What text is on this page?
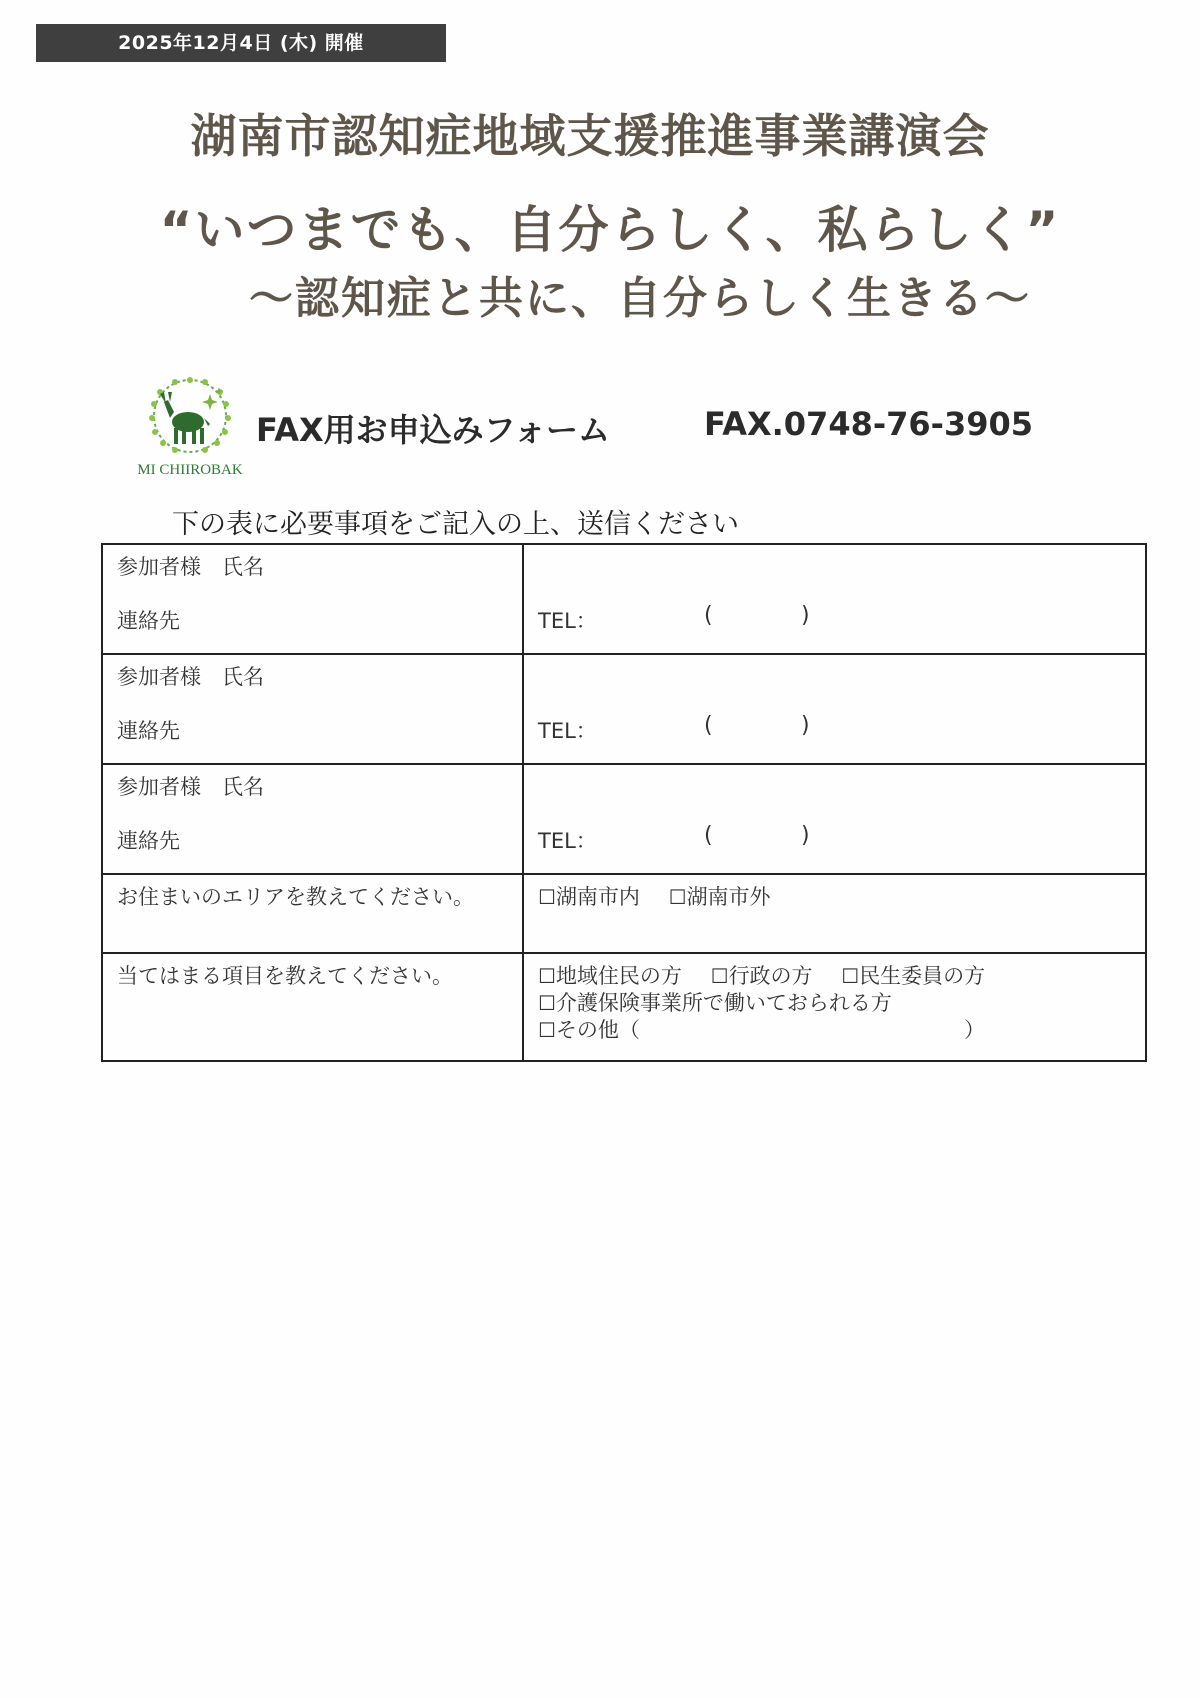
2025年12月4日 (木) 開催
湖南市認知症地域支援推進事業講演会
“いつまでも、自分らしく、私らしく”
～認知症と共に、自分らしく生きる～
MI CHIIROBAK
FAX用お申込みフォーム	FAX.0748-76-3905
下の表に必要事項をご記入の上、送信ください
参加者様　氏名
連絡先	TEL：	(	)
参加者様　氏名
連絡先	TEL：	(	)
参加者様　氏名
連絡先	TEL：	(	)
お住まいのエリアを教えてください。	☐湖南市内 ☐湖南市外
当てはまる項目を教えてください。	☐地域住民の方 ☐行政の方 ☐民生委員の方
☐介護保険事業所で働いておられる方
☐その他（	）
